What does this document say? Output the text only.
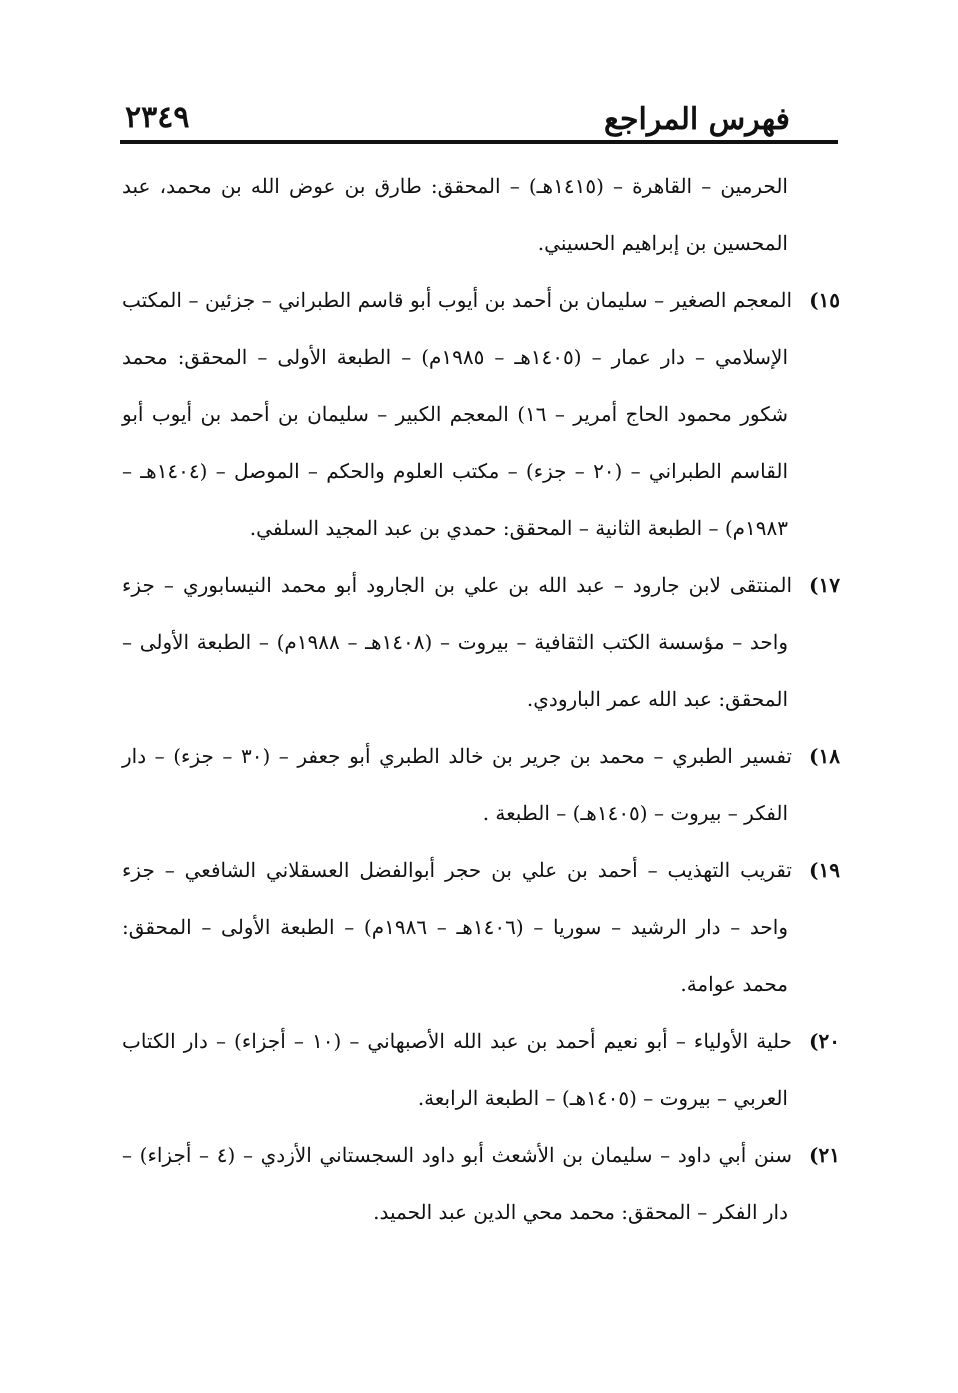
فهرس المراجع
٢٣٤٩

الحرمين – القاهرة – (١٤١٥هـ) – المحقق: طارق بن عوض الله بن محمد، عبد المحسين بن إبراهيم الحسيني.

١٥)المعجم الصغير – سليمان بن أحمد بن أيوب أبو قاسم الطبراني – جزئين – المكتب الإسلامي – دار عمار – (١٤٠٥هـ – ١٩٨٥م) – الطبعة الأولى – المحقق: محمد شكور محمود الحاج أمرير – ١٦) المعجم الكبير – سليمان بن أحمد بن أيوب أبو القاسم الطبراني – (٢٠ – جزء) – مكتب العلوم والحكم – الموصل – (١٤٠٤هـ – ١٩٨٣م) – الطبعة الثانية – المحقق: حمدي بن عبد المجيد السلفي.

١٧)المنتقى لابن جارود – عبد الله بن علي بن الجارود أبو محمد النيسابوري – جزء واحد – مؤسسة الكتب الثقافية – بيروت – (١٤٠٨هـ – ١٩٨٨م) – الطبعة الأولى – المحقق: عبد الله عمر البارودي.

١٨)تفسير الطبري – محمد بن جرير بن خالد الطبري أبو جعفر – (٣٠ – جزء) – دار الفكر – بيروت – (١٤٠٥هـ) – الطبعة .

١٩)تقريب التهذيب – أحمد بن علي بن حجر أبوالفضل العسقلاني الشافعي – جزء واحد – دار الرشيد – سوريا – (١٤٠٦هـ – ١٩٨٦م) – الطبعة الأولى – المحقق: محمد عوامة.

٢٠)حلية الأولياء – أبو نعيم أحمد بن عبد الله الأصبهاني – (١٠ – أجزاء) – دار الكتاب العربي – بيروت – (١٤٠٥هـ) – الطبعة الرابعة.

٢١)سنن أبي داود – سليمان بن الأشعث أبو داود السجستاني الأزدي – (٤ – أجزاء) – دار الفكر – المحقق: محمد محي الدين عبد الحميد.
